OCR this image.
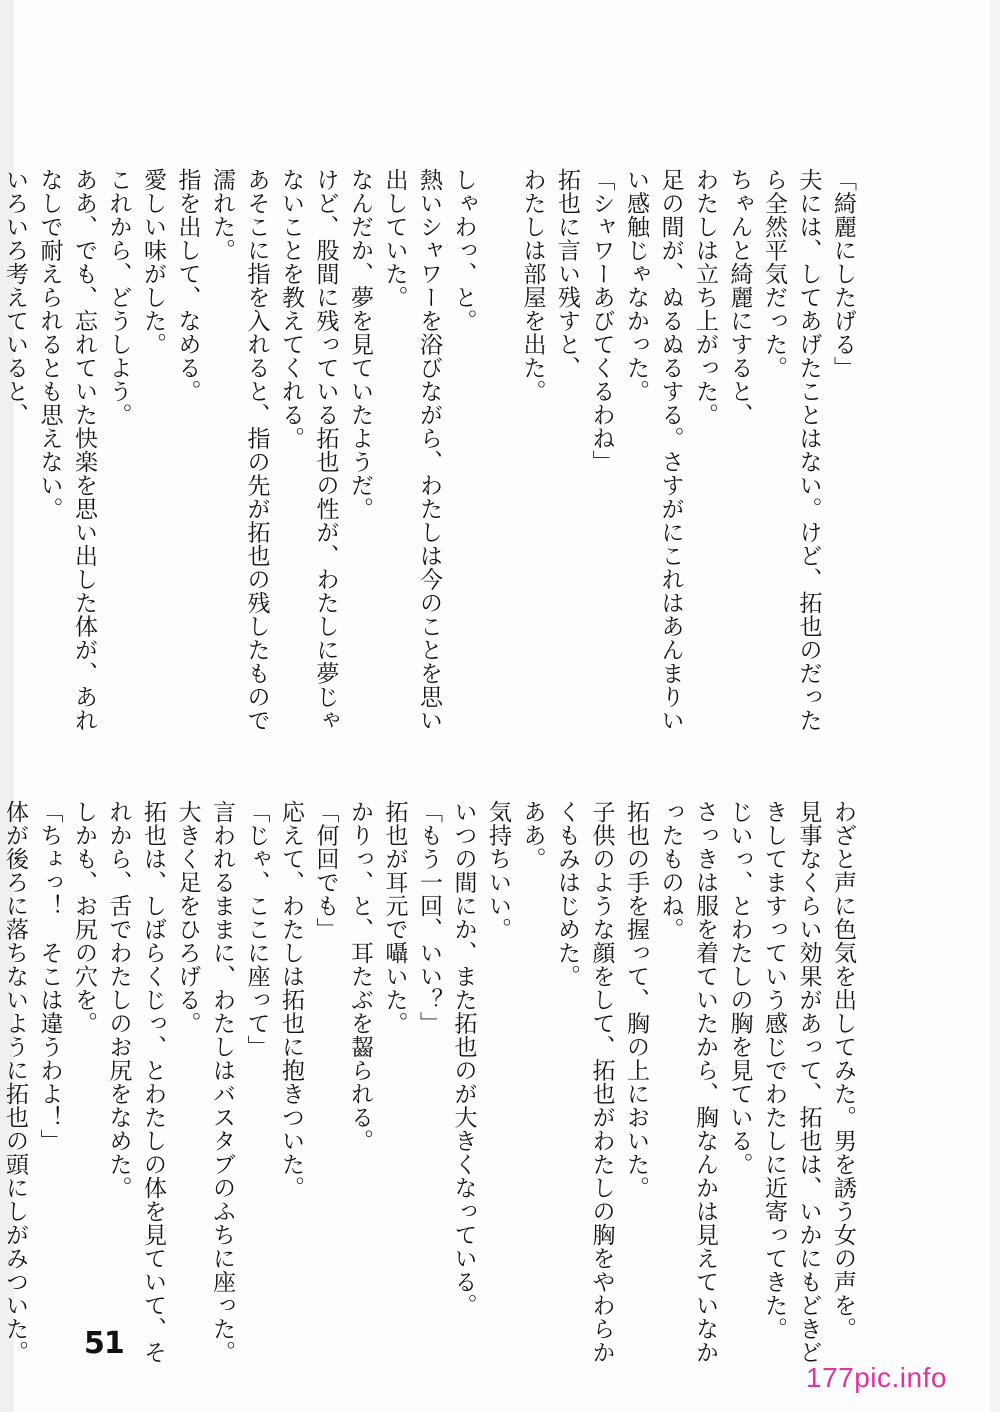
「綺麗にしたげる」
夫には、してあげたことはない。けど、拓也のだった
ら全然平気だった。
ちゃんと綺麗にすると、
わたしは立ち上がった。
足の間が、ぬるぬるする。さすがにこれはあんまりい
い感触じゃなかった。
「シャワーあびてくるわね」
拓也に言い残すと、
わたしは部屋を出た。

しゃわっ、と。
熱いシャワーを浴びながら、わたしは今のことを思い
出していた。
なんだか、夢を見ていたようだ。
けど、股間に残っている拓也の性が、わたしに夢じゃ
ないことを教えてくれる。
あそこに指を入れると、指の先が拓也の残したもので
濡れた。
指を出して、なめる。
愛しい味がした。
これから、どうしよう。
ああ、でも、忘れていた快楽を思い出した体が、あれ
なしで耐えられるとも思えない。
いろいろ考えていると、
わざと声に色気を出してみた。男を誘う女の声を。
見事なくらい効果があって、拓也は、いかにもどきど
きしてますっていう感じでわたしに近寄ってきた。
じいっ、とわたしの胸を見ている。
さっきは服を着ていたから、胸なんかは見えていなか
ったものね。
拓也の手を握って、胸の上においた。
子供のような顔をして、拓也がわたしの胸をやわらか
くもみはじめた。
ああ。
気持ちいい。
いつの間にか、また拓也のが大きくなっている。
「もう一回、いい？」
拓也が耳元で囁いた。
かりっ、と、耳たぶを齧られる。
「何回でも」
応えて、わたしは拓也に抱きついた。
「じゃ、ここに座って」
言われるままに、わたしはバスタブのふちに座った。
大きく足をひろげる。
拓也は、しばらくじっ、とわたしの体を見ていて、そ
れから、舌でわたしのお尻をなめた。
しかも、お尻の穴を。
「ちょっ！　そこは違うわよ！」
体が後ろに落ちないように拓也の頭にしがみついた。 51
177pic.info
